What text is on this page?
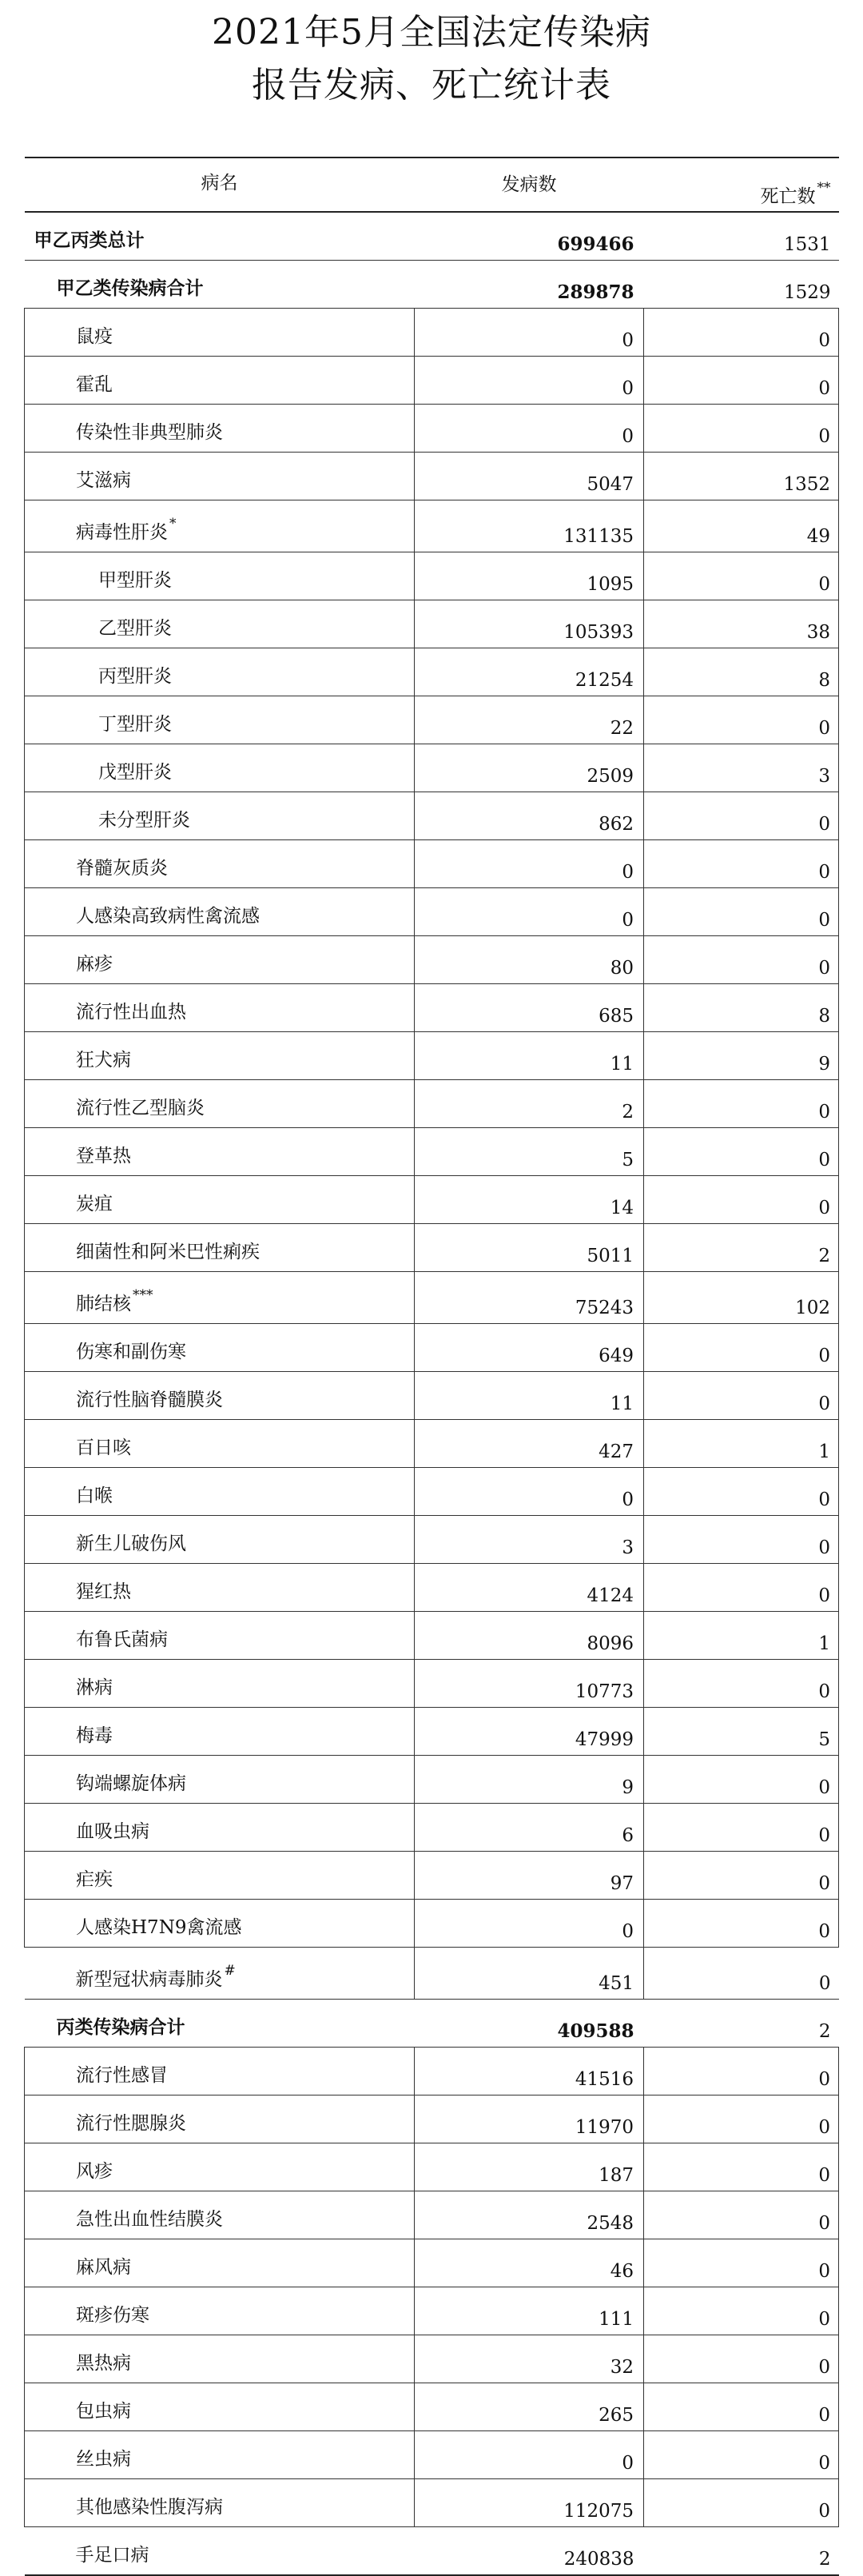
2021年5月全国法定传染病
报告发病、死亡统计表
病名	发病数	死亡数 **
甲乙丙类总计	699466	1531
甲乙类传染病合计	289878	1529
鼠疫	0	0
霍乱	0	0
传染性非典型肺炎	0	0
艾滋病	5047	1352
病毒性肝炎 *	131135	49
甲型肝炎	1095	0
乙型肝炎	105393	38
丙型肝炎	21254	8
丁型肝炎	22	0
戊型肝炎	2509	3
未分型肝炎	862	0
脊髓灰质炎	0	0
人感染高致病性禽流感	0	0
麻疹	80	0
流行性出血热	685	8
狂犬病	11	9
流行性乙型脑炎	2	0
登革热	5	0
炭疽	14	0
细菌性和阿米巴性痢疾	5011	2
肺结核 ***	75243	102
伤寒和副伤寒	649	0
流行性脑脊髓膜炎	11	0
百日咳	427	1
白喉	0	0
新生儿破伤风	3	0
猩红热	4124	0
布鲁氏菌病	8096	1
淋病	10773	0
梅毒	47999	5
钩端螺旋体病	9	0
血吸虫病	6	0
疟疾	97	0
人感染H7N9禽流感	0	0
新型冠状病毒肺炎 #	451	0
丙类传染病合计	409588	2
流行性感冒	41516	0
流行性腮腺炎	11970	0
风疹	187	0
急性出血性结膜炎	2548	0
麻风病	46	0
斑疹伤寒	111	0
黑热病	32	0
包虫病	265	0
丝虫病	0	0
其他感染性腹泻病	112075	0
手足口病	240838	2
